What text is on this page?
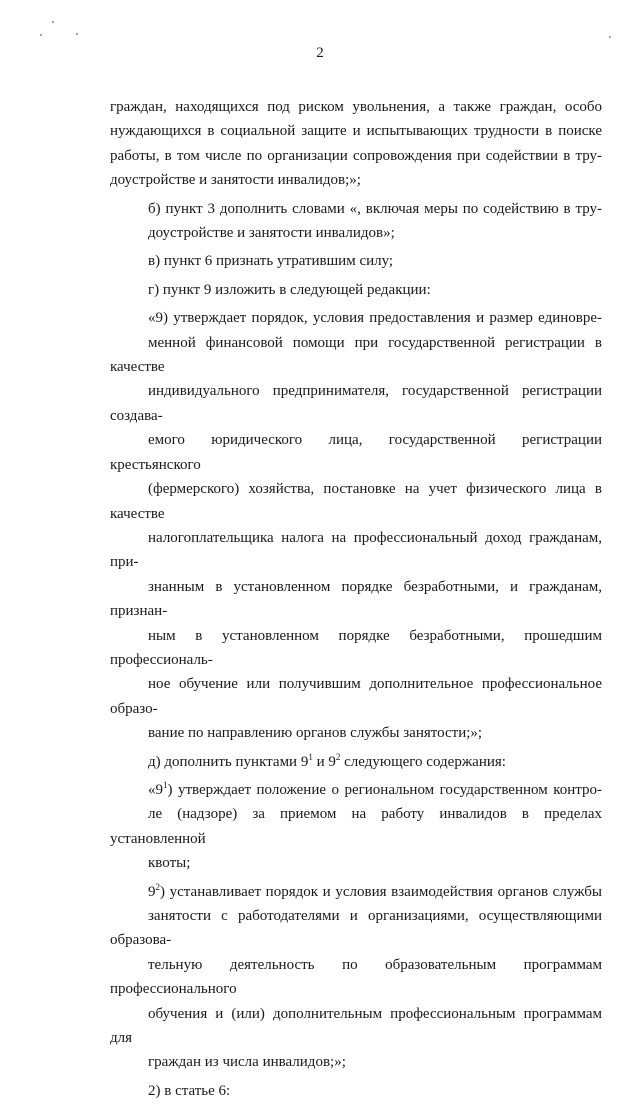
2
граждан, находящихся под риском увольнения, а также граждан, особо
нуждающихся в социальной защите и испытывающих трудности в поиске
работы, в том числе по организации сопровождения при содействии в тру-
доустройстве и занятости инвалидов;»;
б) пункт 3 дополнить словами «, включая меры по содействию в тру-
доустройстве и занятости инвалидов»;
в) пункт 6 признать утратившим силу;
г) пункт 9 изложить в следующей редакции:
«9) утверждает порядок, условия предоставления и размер единовре-
менной финансовой помощи при государственной регистрации в качестве
индивидуального предпринимателя, государственной регистрации создава-
емого юридического лица, государственной регистрации крестьянского
(фермерского) хозяйства, постановке на учет физического лица в качестве
налогоплательщика налога на профессиональный доход гражданам, при-
знанным в установленном порядке безработными, и гражданам, признан-
ным в установленном порядке безработными, прошедшим профессиональ-
ное обучение или получившим дополнительное профессиональное образо-
вание по направлению органов службы занятости;»;
д) дополнить пунктами $9^1$ и $9^2$ следующего содержания:
«$9^1$) утверждает положение о региональном государственном контро-
ле (надзоре) за приемом на работу инвалидов в пределах установленной
квоты;
$9^2$) устанавливает порядок и условия взаимодействия органов службы
занятости с работодателями и организациями, осуществляющими образова-
тельную деятельность по образовательным программам профессионального
обучения и (или) дополнительным профессиональным программам для
граждан из числа инвалидов;»;
2) в статье 6:
